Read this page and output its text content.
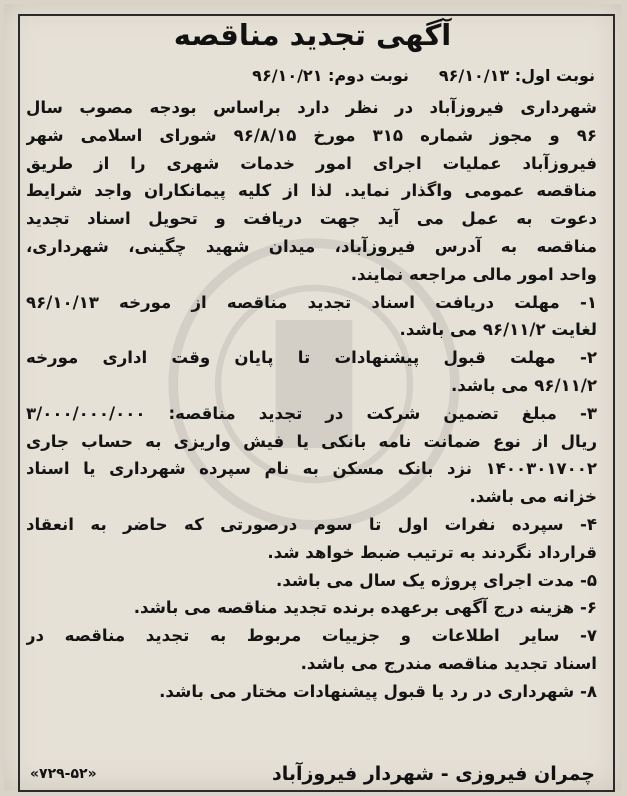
آگهی تجدید مناقصه
نوبت اول: ۹۶/۱۰/۱۳
نوبت دوم: ۹۶/۱۰/۲۱
شهرداری فیروزآباد در نظر دارد براساس بودجه مصوب سال
۹۶ و مجوز شماره ۳۱۵ مورخ ۹۶/۸/۱۵ شورای اسلامی شهر
فیروزآباد عملیات اجرای امور خدمات شهری را از طریق
مناقصه عمومی واگذار نماید. لذا از کلیه پیمانکاران واجد شرایط
دعوت به عمل می آید جهت دریافت و تحویل اسناد تجدید
مناقصه به آدرس فیروزآباد، میدان شهید چگینی، شهرداری،
واحد امور مالی مراجعه نمایند.
۱- مهلت دریافت اسناد تجدید مناقصه از مورخه ۹۶/۱۰/۱۳
لغایت ۹۶/۱۱/۲ می باشد.
۲- مهلت قبول پیشنهادات تا پایان وقت اداری مورخه
۹۶/۱۱/۲ می باشد.
۳- مبلغ تضمین شرکت در تجدید مناقصه: ۳/۰۰۰/۰۰۰/۰۰۰
ریال از نوع ضمانت نامه بانکی یا فیش واریزی به حساب جاری
۱۴۰۰۳۰۱۷۰۰۲ نزد بانک مسکن به نام سپرده شهرداری یا اسناد
خزانه می باشد.
۴- سپرده نفرات اول تا سوم درصورتی که حاضر به انعقاد
قرارداد نگردند به ترتیب ضبط خواهد شد.
۵- مدت اجرای پروژه یک سال می باشد.
۶- هزینه درج آگهی برعهده برنده تجدید مناقصه می باشد.
۷- سایر اطلاعات و جزییات مربوط به تجدید مناقصه در
اسناد تجدید مناقصه مندرج می باشد.
۸- شهرداری در رد یا قبول پیشنهادات مختار می باشد.
چمران فیروزی - شهردار فیروزآباد
«۷۲۹-۵۲»
